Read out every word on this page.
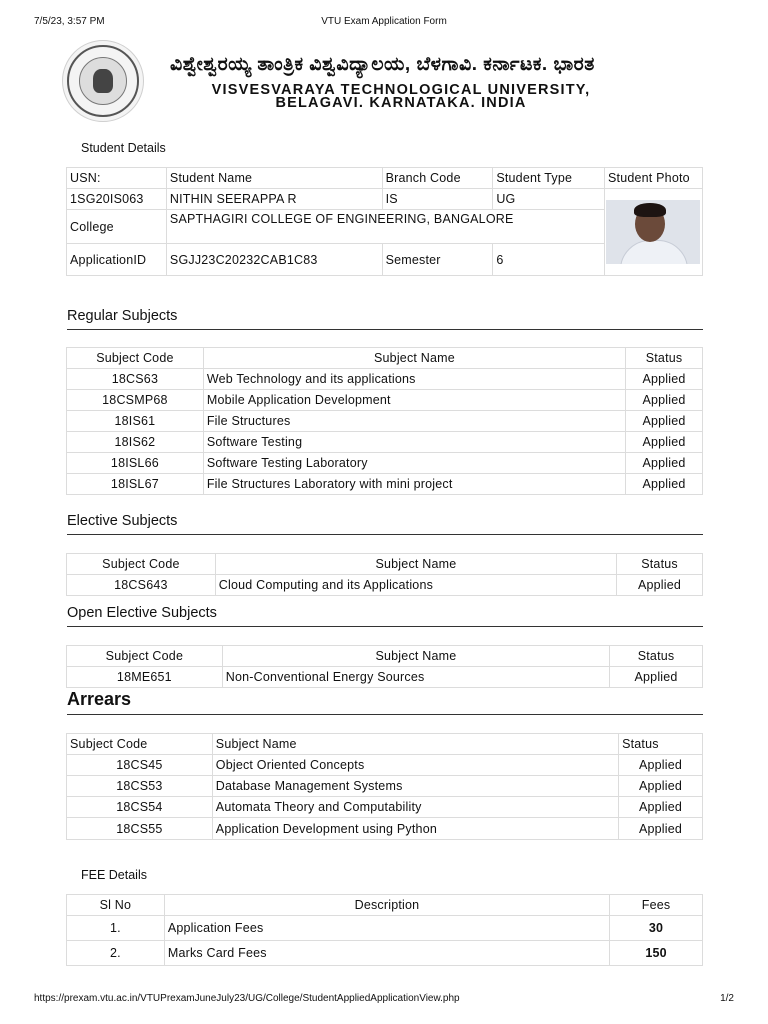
7/5/23, 3:57 PM	VTU Exam Application Form
ವಿಶ್ವೇಶ್ವರಯ್ಯ ತಾಂತ್ರಿಕ ವಿಶ್ವವಿದ್ಯಾಲಯ, ಬೆಳಗಾವಿ. ಕರ್ನಾಟಕ. ಭಾರತ
VISVESVARAYA TECHNOLOGICAL UNIVERSITY,
BELAGAVI. KARNATAKA. INDIA
Student Details
USN:	Student Name	Branch Code	Student Type	Student Photo
1SG20IS063	NITHIN SEERAPPA R	IS	UG	

College	SAPTHAGIRI COLLEGE OF ENGINEERING, BANGALORE			
ApplicationID	SGJJ23C20232CAB1C83	Semester	6	
Regular Subjects
Subject Code	Subject Name	Status
18CS63	Web Technology and its applications	Applied
18CSMP68	Mobile Application Development	Applied
18IS61	File Structures	Applied
18IS62	Software Testing	Applied
18ISL66	Software Testing Laboratory	Applied
18ISL67	File Structures Laboratory with mini project	Applied
Elective Subjects
Subject Code	Subject Name	Status
18CS643	Cloud Computing and its Applications	Applied
Open Elective Subjects
Subject Code	Subject Name	Status
18ME651	Non-Conventional Energy Sources	Applied
Arrears
Subject Code	Subject Name	Status
18CS45	Object Oriented Concepts	Applied
18CS53	Database Management Systems	Applied
18CS54	Automata Theory and Computability	Applied
18CS55	Application Development using Python	Applied
FEE Details
Sl No	Description	Fees
1.	Application Fees	30
2.	Marks Card Fees	150
https://prexam.vtu.ac.in/VTUPrexamJuneJuly23/UG/College/StudentAppliedApplicationView.php	1/2
